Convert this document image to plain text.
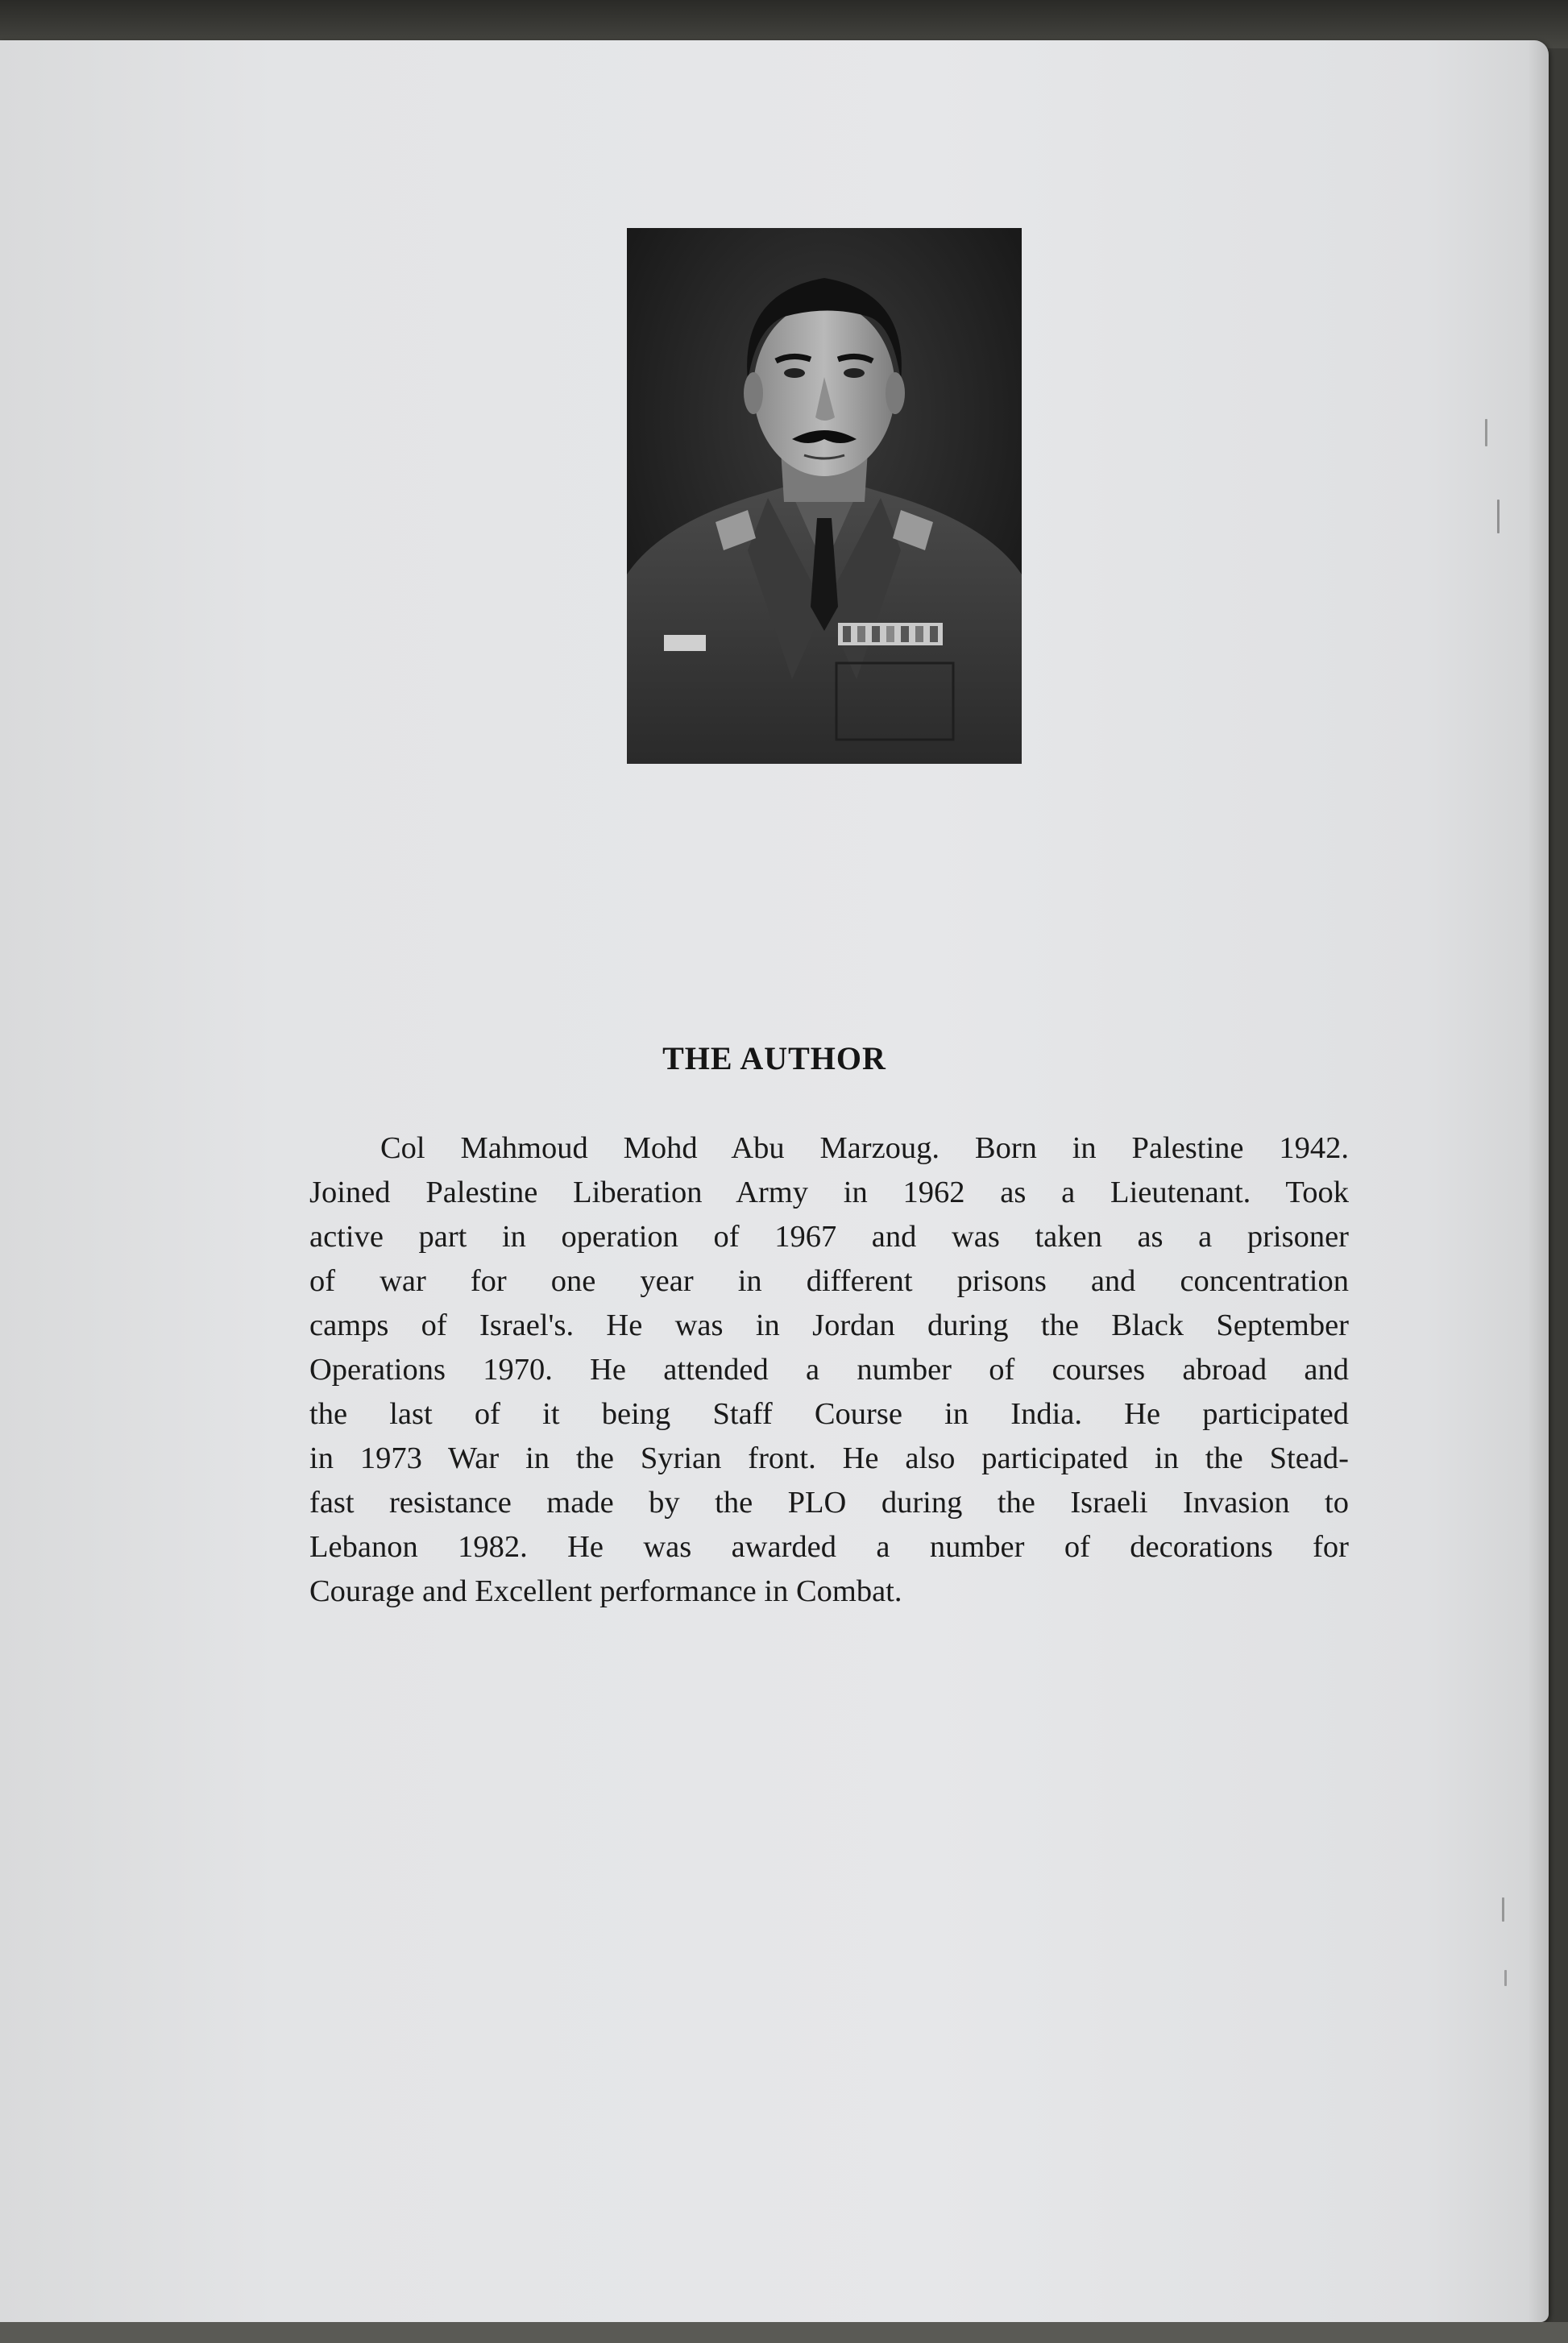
THE AUTHOR
Col Mahmoud Mohd Abu Marzoug. Born in Palestine 1942.
Joined Palestine Liberation Army in 1962 as a Lieutenant. Took
active part in operation of 1967 and was taken as a prisoner
of war for one year in different prisons and concentration
camps of Israel's. He was in Jordan during the Black September
Operations 1970. He attended a number of courses abroad and
the last of it being Staff Course in India. He participated
in 1973 War in the Syrian front. He also participated in the Stead-
fast resistance made by the PLO during the Israeli Invasion to
Lebanon 1982. He was awarded a number of decorations for
Courage and Excellent performance in Combat.
